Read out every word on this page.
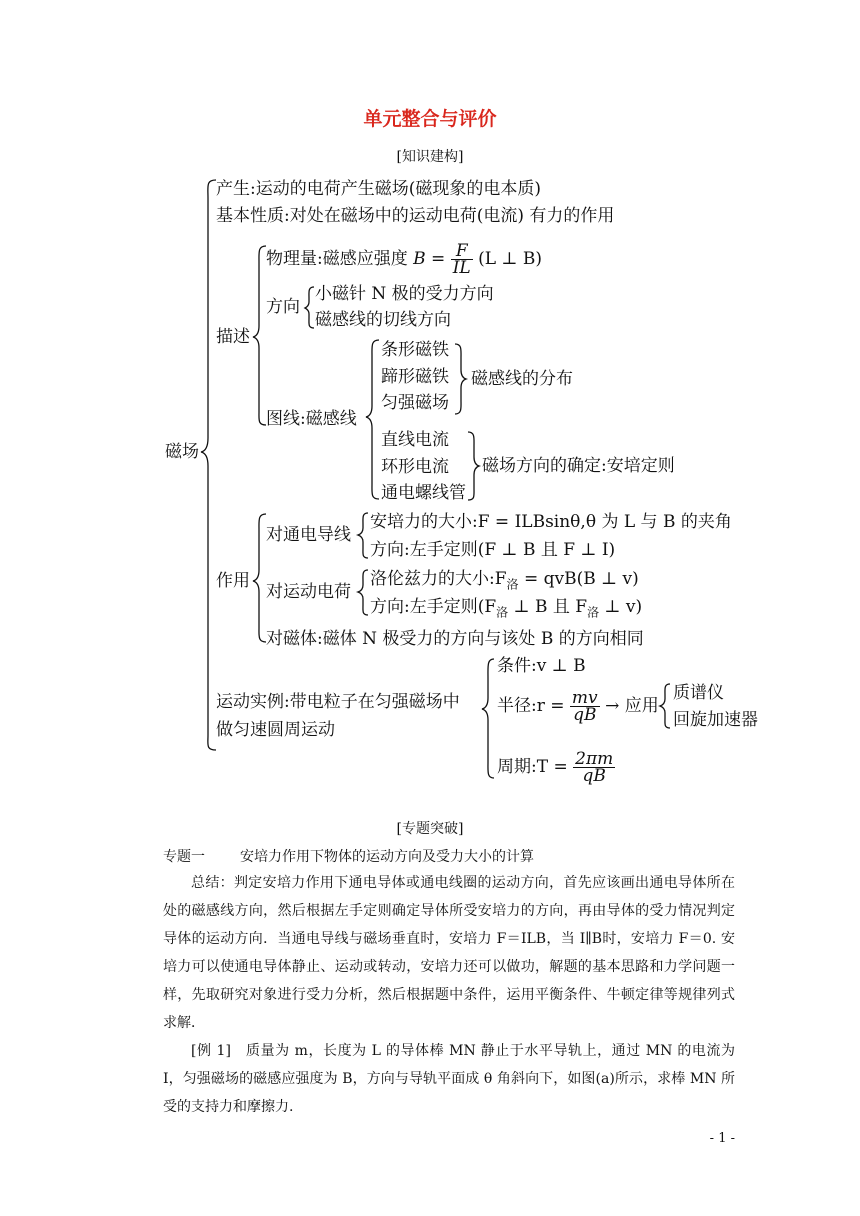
单元整合与评价
[知识建构]
磁场
产生:运动的电荷产生磁场(磁现象的电本质)
基本性质:对处在磁场中的运动电荷(电流) 有力的作用
描述
物理量:磁感应强度 $B = \frac{F}{IL} (L$ ⊥ B)
方向
小磁针 N 极的受力方向
磁感线的切线方向
图线:磁感线
条形磁铁
蹄形磁铁
匀强磁场
磁感线的分布
直线电流
环形电流
通电螺线管
磁场方向的确定:安培定则
作用
对通电导线
安培力的大小:F = ILBsinθ,θ 为 L 与 B 的夹角
方向:左手定则(F ⊥ B 且 F ⊥ I)
对运动电荷
洛伦兹力的大小$:F_洛 = qvB(B$ ⊥ v)
方向:左手定则($F_洛$ ⊥ B 且 $F_洛$ ⊥ v)
对磁体:磁体 N 极受力的方向与该处 B 的方向相同
运动实例:带电粒子在匀强磁场中
做匀速圆周运动
条件:v ⊥ B
半径:r = $\frac{mv}{qB}$ → 应用
质谱仪
回旋加速器
周期:T = $\frac{2\pi m}{qB}$
[专题突破]
专题一	安培力作用下物体的运动方向及受力大小的计算

总结：判定安培力作用下通电导体或通电线圈的运动方向，首先应该画出通电导体所在处的磁感线方向，然后根据左手定则确定导体所受安培力的方向，再由导体的受力情况判定导体的运动方向．当通电导线与磁场垂直时，安培力 F＝ILB，当 I∥B时，安培力 F＝0. 安培力可以使通电导体静止、运动或转动，安培力还可以做功，解题的基本思路和力学问题一样，先取研究对象进行受力分析，然后根据题中条件，运用平衡条件、牛顿定律等规律列式求解．

[例 1]　质量为 m，长度为 L 的导体棒 MN 静止于水平导轨上，通过 MN 的电流为 I，匀强磁场的磁感应强度为 B，方向与导轨平面成 θ 角斜向下，如图(a)所示，求棒 MN 所受的支持力和摩擦力.

- 1 -
